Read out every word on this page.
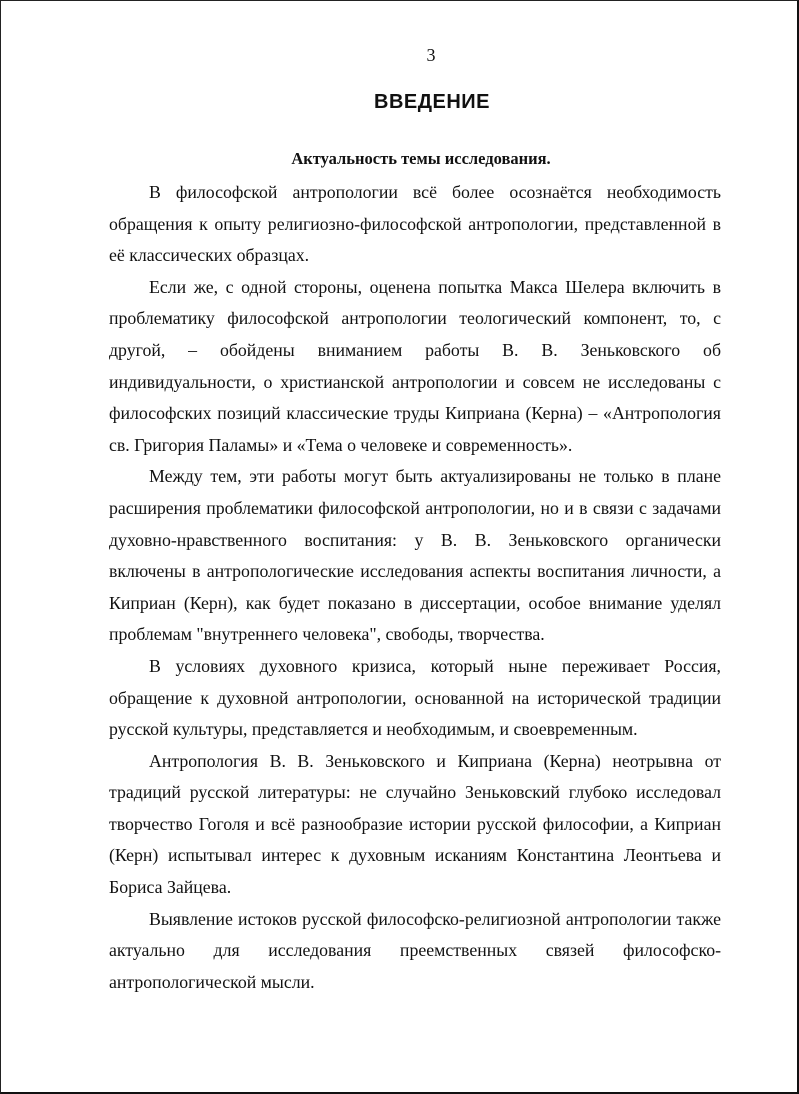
3
ВВЕДЕНИЕ
Актуальность темы исследования.

В философской антропологии всё более осознаётся необходимость обращения к опыту религиозно-философской антропологии, представленной в её классических образцах.

Если же, с одной стороны, оценена попытка Макса Шелера включить в проблематику философской антропологии теологический компонент, то, с другой, – обойдены вниманием работы В. В. Зеньковского об индивидуальности, о христианской антропологии и совсем не исследованы с философских позиций классические труды Киприана (Керна) – «Антропология св. Григория Паламы» и «Тема о человеке и современность».

Между тем, эти работы могут быть актуализированы не только в плане расширения проблематики философской антропологии, но и в связи с задачами духовно-нравственного воспитания: у В. В. Зеньковского органически включены в антропологические исследования аспекты воспитания личности, а Киприан (Керн), как будет показано в диссертации, особое внимание уделял проблемам "внутреннего человека", свободы, творчества.

В условиях духовного кризиса, который ныне переживает Россия, обращение к духовной антропологии, основанной на исторической традиции русской культуры, представляется и необходимым, и своевременным.

Антропология В. В. Зеньковского и Киприана (Керна) неотрывна от традиций русской литературы: не случайно Зеньковский глубоко исследовал творчество Гоголя и всё разнообразие истории русской философии, а Киприан (Керн) испытывал интерес к духовным исканиям Константина Леонтьева и Бориса Зайцева.

Выявление истоков русской философско-религиозной антропологии также актуально для исследования преемственных связей философско-антропологической мысли.
